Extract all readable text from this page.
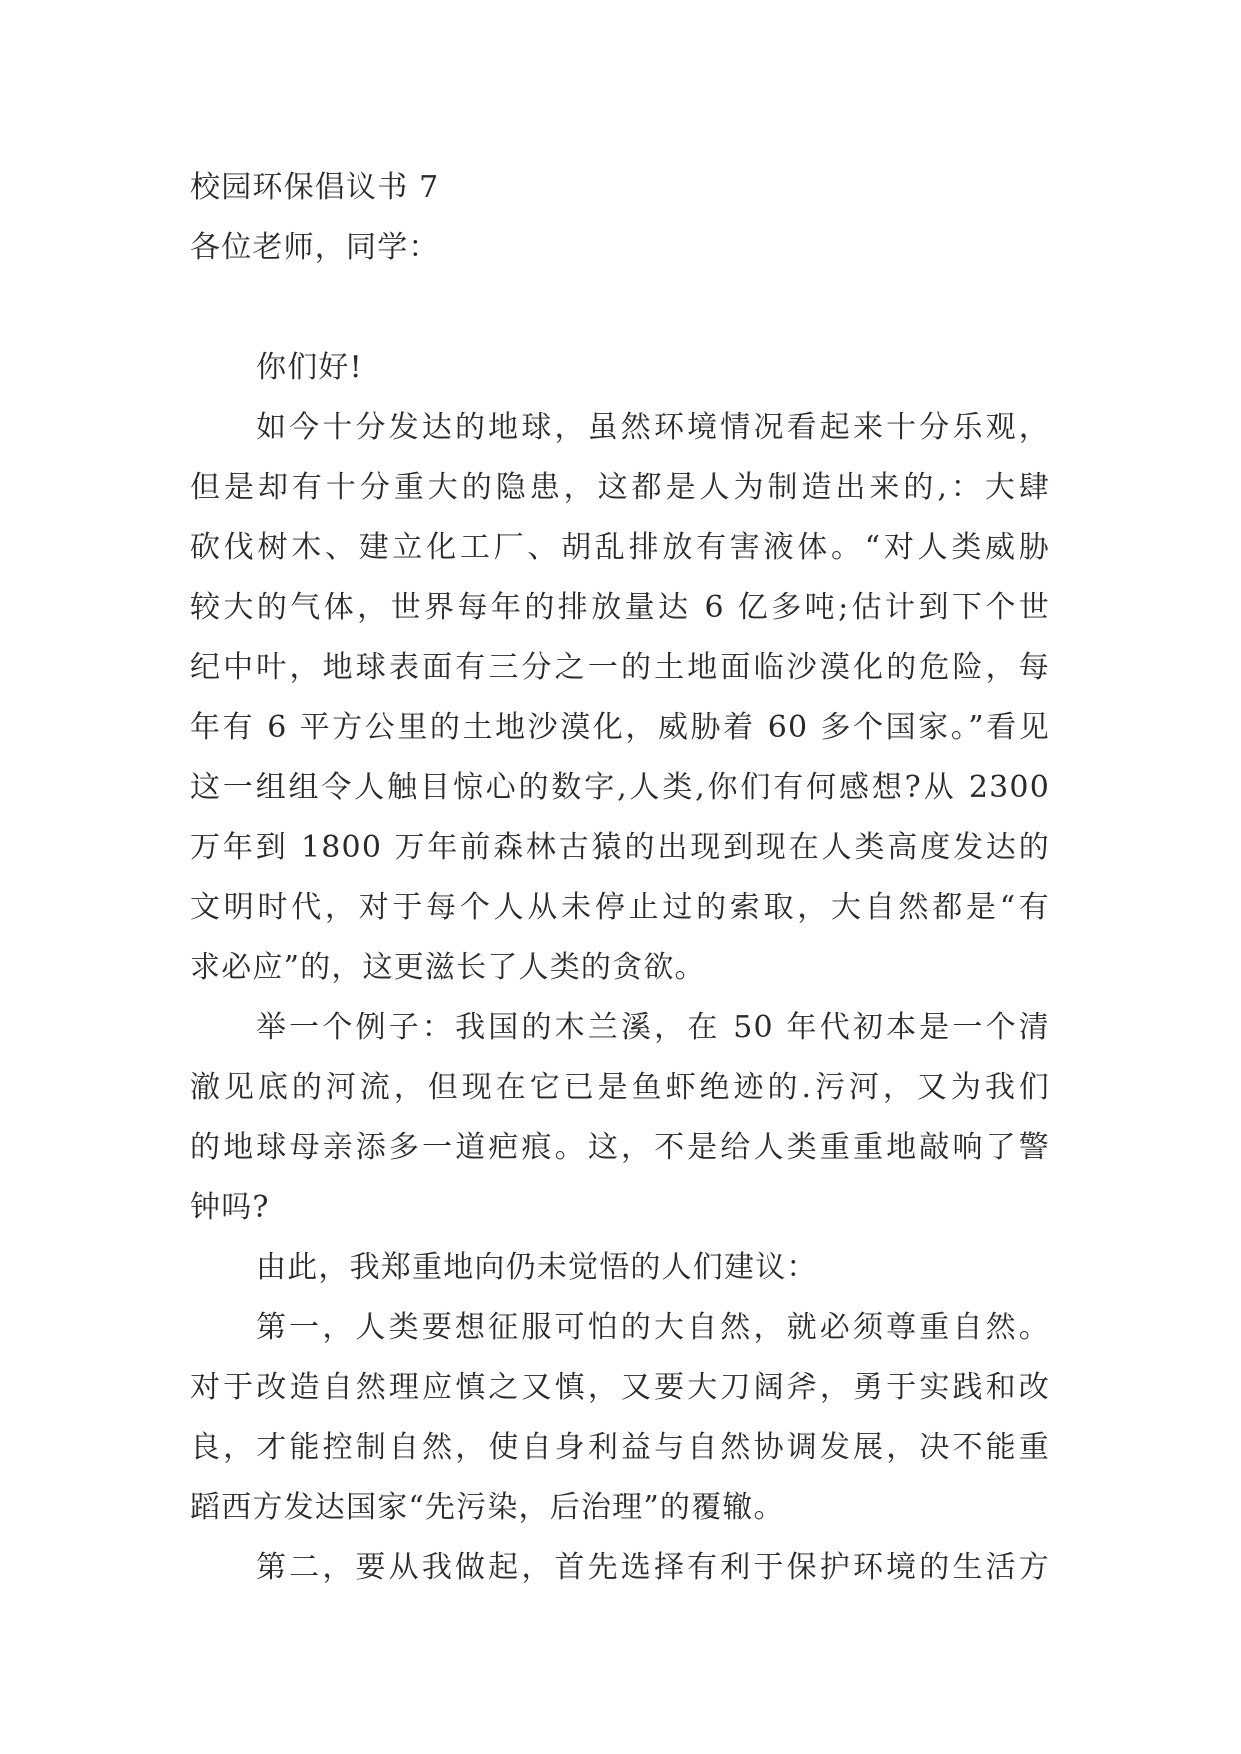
校园环保倡议书 7

各位老师，同学：

你们好!

如今十分发达的地球，虽然环境情况看起来十分乐观，

但是却有十分重大的隐患，这都是人为制造出来的,：大肆

砍伐树木、建立化工厂、胡乱排放有害液体。“对人类威胁

较大的气体，世界每年的排放量达 6 亿多吨;估计到下个世

纪中叶，地球表面有三分之一的土地面临沙漠化的危险，每

年有 6 平方公里的土地沙漠化，威胁着 60 多个国家。”看见

这一组组令人触目惊心的数字,人类,你们有何感想?从 2300

万年到 1800 万年前森林古猿的出现到现在人类高度发达的

文明时代，对于每个人从未停止过的索取，大自然都是“有

求必应”的，这更滋长了人类的贪欲。

举一个例子：我国的木兰溪，在 50 年代初本是一个清

澈见底的河流，但现在它已是鱼虾绝迹的.污河，又为我们

的地球母亲添多一道疤痕。这，不是给人类重重地敲响了警

钟吗?

由此，我郑重地向仍未觉悟的人们建议：

第一，人类要想征服可怕的大自然，就必须尊重自然。

对于改造自然理应慎之又慎，又要大刀阔斧，勇于实践和改

良，才能控制自然，使自身利益与自然协调发展，决不能重

蹈西方发达国家“先污染，后治理”的覆辙。

第二，要从我做起，首先选择有利于保护环境的生活方
